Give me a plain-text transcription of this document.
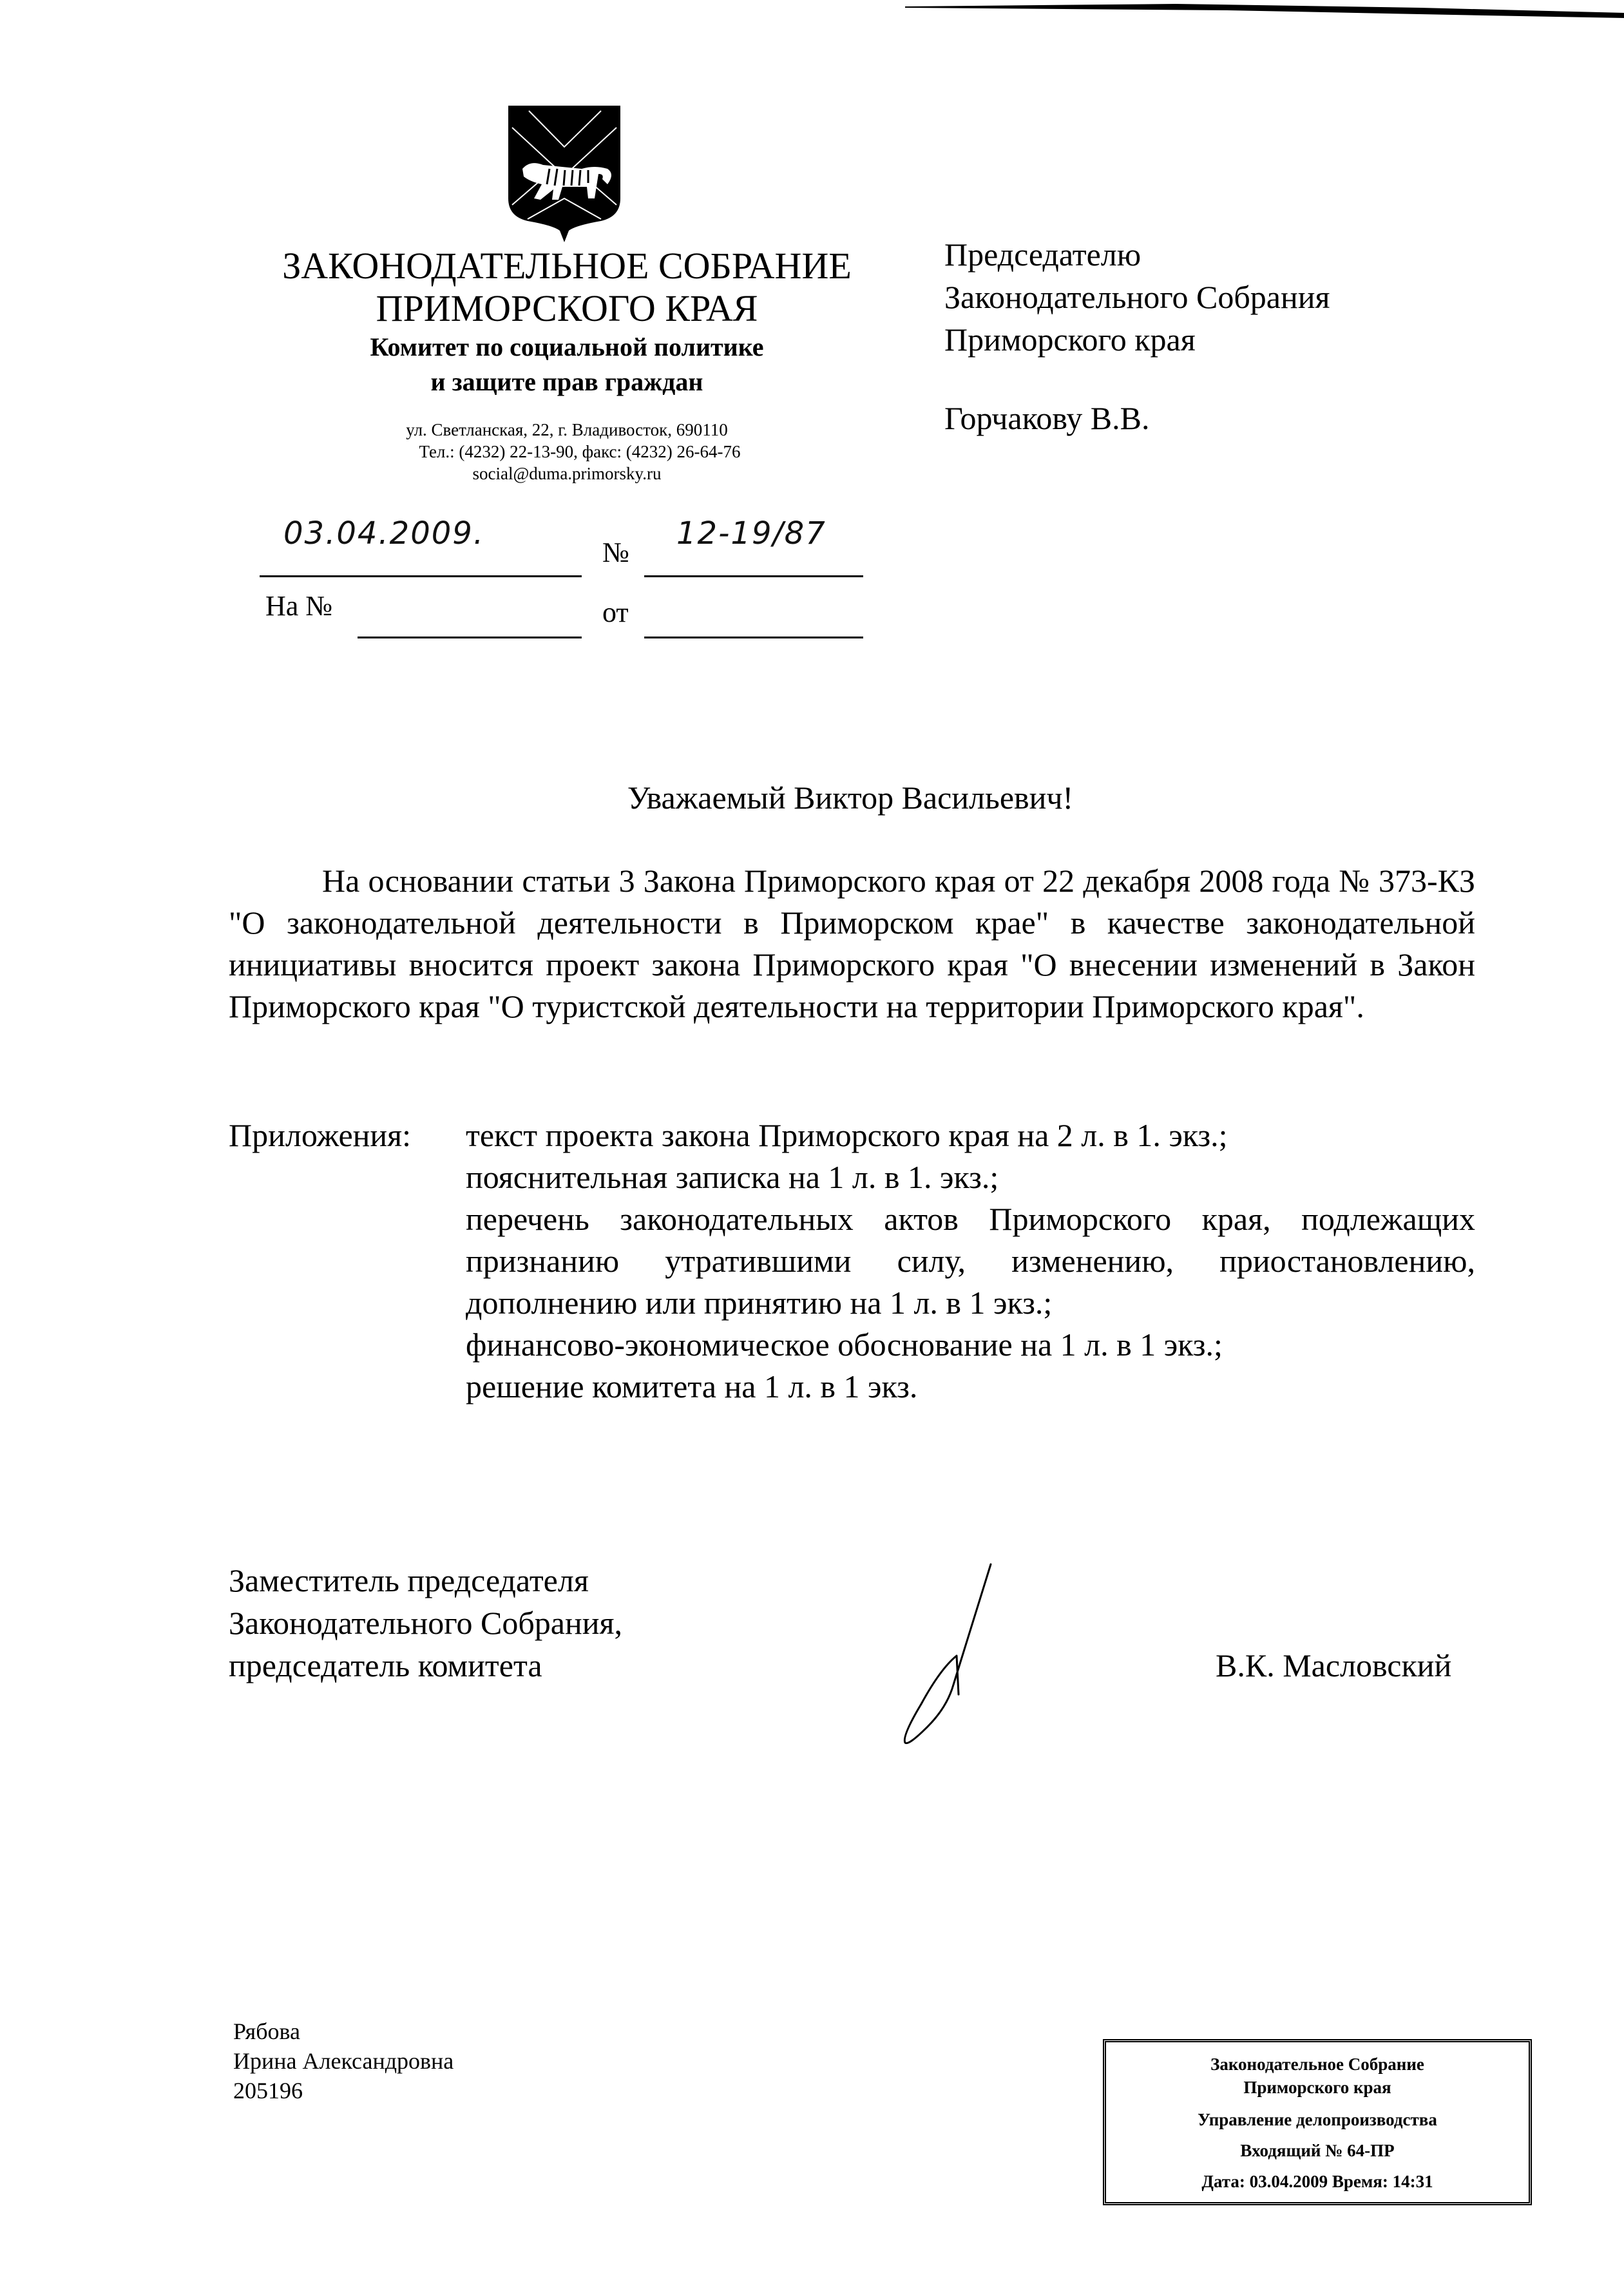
ЗАКОНОДАТЕЛЬНОЕ СОБРАНИЕ
ПРИМОРСКОГО КРАЯ
Комитет по социальной политике
и защите прав граждан
ул. Светланская, 22, г. Владивосток, 690110
Тел.: (4232) 22-13-90, факс: (4232) 26-64-76
social@duma.primorsky.ru
03.04.2009.
№
12-19/87
На №	от
Председателю
Законодательного Собрания
Приморского края
Горчакову В.В.
Уважаемый Виктор Васильевич!
На основании статьи 3 Закона Приморского края от 22 декабря 2008 года № 373-КЗ "О законодательной деятельности в Приморском крае" в качестве законодательной инициативы вносится проект закона Приморского края "О внесении изменений в Закон Приморского края "О туристской деятельности на территории Приморского края".
Приложения: текст проекта закона Приморского края на 2 л. в 1. экз.;
пояснительная записка на 1 л. в 1. экз.;
перечень законодательных актов Приморского края, подлежащих признанию утратившими силу, изменению, приостановлению, дополнению или принятию на 1 л. в 1 экз.;
финансово-экономическое обоснование на 1 л. в 1 экз.;
решение комитета на 1 л. в 1 экз.
Заместитель председателя
Законодательного Собрания,
председатель комитета	В.К. Масловский
Рябова
Ирина Александровна
205196
Законодательное Собрание
Приморского края
Управление делопроизводства
Входящий № 64-ПР
Дата: 03.04.2009 Время: 14:31
